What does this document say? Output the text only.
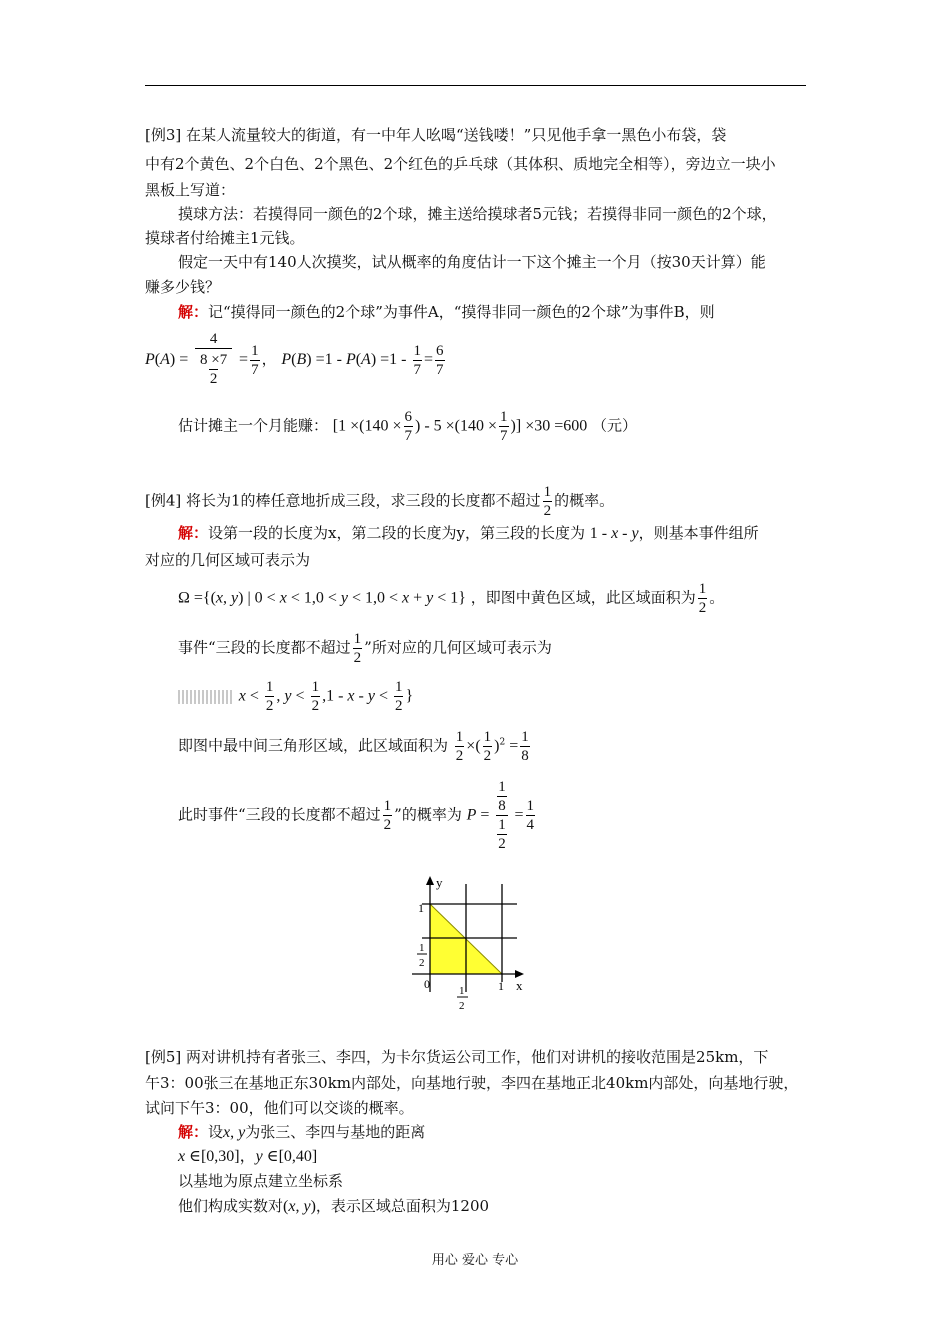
[例3] 在某人流量较大的街道，有一中年人吆喝“送钱喽！”只见他手拿一黑色小布袋，袋
中有2个黄色、2个白色、2个黑色、2个红色的乒乓球（其体积、质地完全相等），旁边立一块小
黑板上写道：
摸球方法：若摸得同一颜色的2个球，摊主送给摸球者5元钱；若摸得非同一颜色的2个球，
摸球者付给摊主1元钱。
假定一天中有140人次摸奖，试从概率的角度估计一下这个摊主一个月（按30天计算）能
赚多少钱？
解：记“摸得同一颜色的2个球”为事件A，“摸得非同一颜色的2个球”为事件B，则
$P(A) = \frac{4}{\frac{8 \times 7}{2}} = \frac{1}{7}$ ， $P(B) =1 - P(A) =1 - \frac{1}{7} = \frac{6}{7}$
估计摊主一个月能赚： [$1 \times(140 \times \frac{6}{7}$ ) - $5 \times(140 \times \frac{1}{7}$ )] ×30 =600 （元）
[例4] 将长为1的棒任意地折成三段，求三段的长度都不超过 $\frac{1}{2}$ 的概率。
解：设第一段的长度为x，第二段的长度为y，第三段的长度为 1 - x - y，则基本事件组所
对应的几何区域可表示为
Ω ={(x, y) | 0 < x < 1,0 < y < 1,0 < x + y < 1} ，即图中黄色区域，此区域面积为 $\frac{1}{2}$ 。
事件“三段的长度都不超过 $\frac{1}{2}$ ”所对应的几何区域可表示为
$x < \frac{1}{2}$ , $y < \frac{1}{2} ,1 - x - y < \frac{1}{2}$ }
即图中最中间三角形区域，此区域面积为 $\frac{1}{2}$ ×( $\frac{1}{2} )^2 = \frac{1}{8}$
此时事件“三段的长度都不超过 $\frac{1}{2}$ ”的概率为 $P = \frac{\frac{1}{8}}{\frac{1}{2}} = \frac{1}{4}$
y
x
1
1
2
0	1
2
1
[例5] 两对讲机持有者张三、李四，为卡尔货运公司工作，他们对讲机的接收范围是25km，下
午3：00张三在基地正东30km内部处，向基地行驶，李四在基地正北40km内部处，向基地行驶，
试问下午3：00，他们可以交谈的概率。
解：设x, y为张三、李四与基地的距离
x ∈[0,30]，y ∈[0,40]
以基地为原点建立坐标系
他们构成实数对(x, y)，表示区域总面积为1200
用心 爱心 专心
